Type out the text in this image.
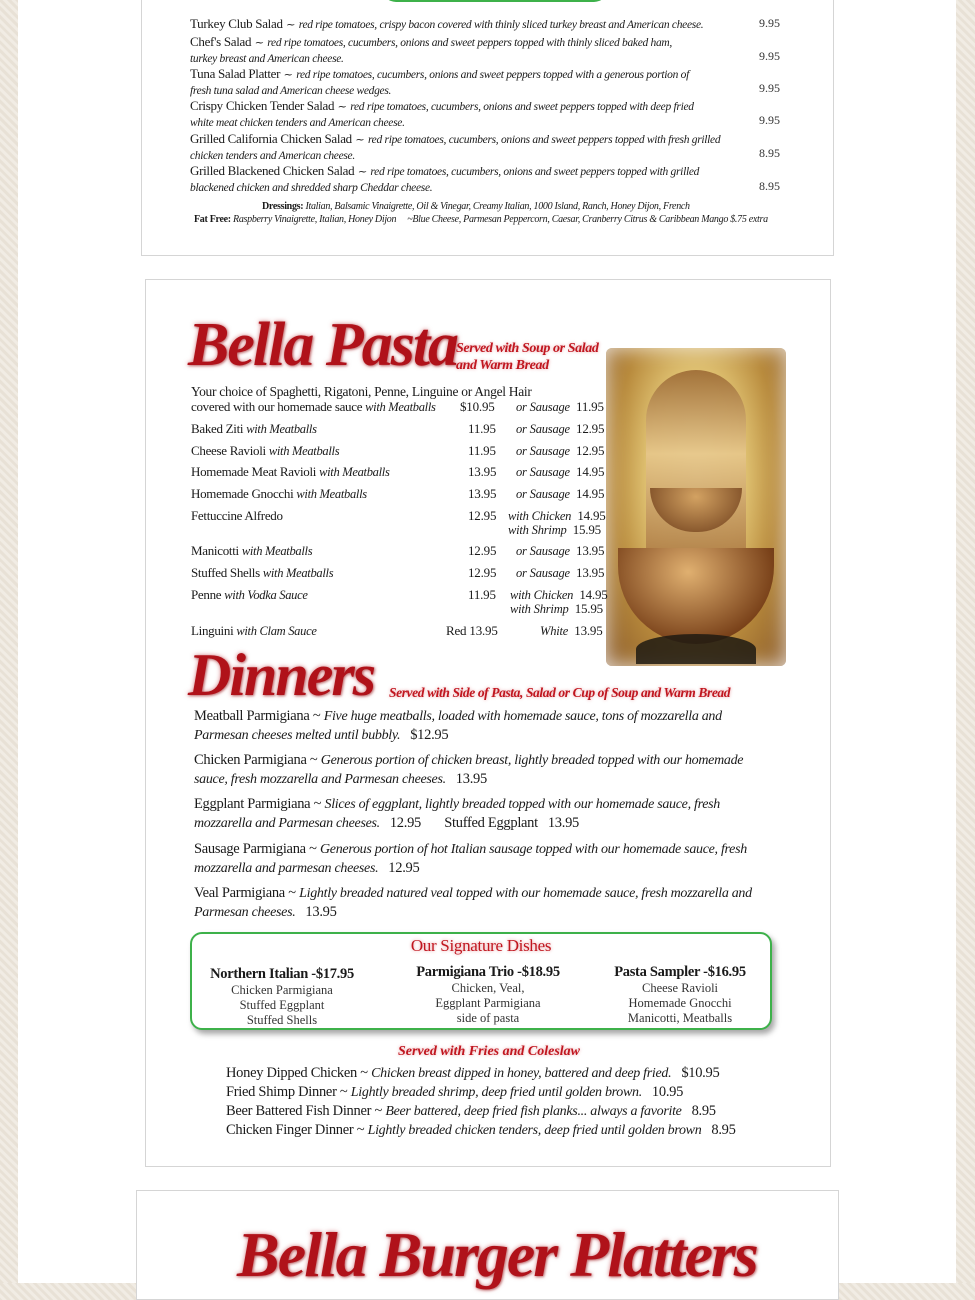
Turkey Club Salad ~ red ripe tomatoes, crispy bacon covered with thinly sliced turkey breast and American cheese.	9.95
Chef's Salad ~ red ripe tomatoes, cucumbers, onions and sweet peppers topped with thinly sliced baked ham,
turkey breast and American cheese.	9.95
Tuna Salad Platter ~ red ripe tomatoes, cucumbers, onions and sweet peppers topped with a generous portion of
fresh tuna salad and American cheese wedges.	9.95
Crispy Chicken Tender Salad ~ red ripe tomatoes, cucumbers, onions and sweet peppers topped with deep fried
white meat chicken tenders and American cheese.	9.95
Grilled California Chicken Salad ~ red ripe tomatoes, cucumbers, onions and sweet peppers topped with fresh grilled
chicken tenders and American cheese.	8.95
Grilled Blackened Chicken Salad ~ red ripe tomatoes, cucumbers, onions and sweet peppers topped with grilled
blackened chicken and shredded sharp Cheddar cheese.	8.95
Dressings: Italian, Balsamic Vinaigrette, Oil & Vinegar, Creamy Italian, 1000 Island, Ranch, Honey Dijon, French
Fat Free: Raspberry Vinaigrette, Italian, Honey Dijon ~Blue Cheese, Parmesan Peppercorn, Caesar, Cranberry Citrus & Caribbean Mango $.75 extra
Bella Pasta
Served with Soup or Salad
and Warm Bread
Your choice of Spaghetti, Rigatoni, Penne, Linguine or Angel Hair
covered with our homemade sauce with Meatballs $10.95 or Sausage 11.95
Baked Ziti with Meatballs	11.95 or Sausage 12.95
Cheese Ravioli with Meatballs	11.95 or Sausage 12.95
Homemade Meat Ravioli with Meatballs	13.95 or Sausage 14.95
Homemade Gnocchi with Meatballs	13.95 or Sausage 14.95
Fettuccine Alfredo	12.95 with Chicken 14.95
with Shrimp 15.95
Manicotti with Meatballs	12.95 or Sausage 13.95
Stuffed Shells with Meatballs	12.95 or Sausage 13.95
Penne with Vodka Sauce	11.95 with Chicken 14.95
with Shrimp 15.95
Linguini with Clam Sauce	Red 13.95	White 13.95
Dinners Served with Side of Pasta, Salad or Cup of Soup and Warm Bread
Meatball Parmigiana ~ Five huge meatballs, loaded with homemade sauce, tons of mozzarella and
Parmesan cheeses melted until bubbly. $12.95
Chicken Parmigiana ~ Generous portion of chicken breast, lightly breaded topped with our homemade
sauce, fresh mozzarella and Parmesan cheeses. 13.95
Eggplant Parmigiana ~ Slices of eggplant, lightly breaded topped with our homemade sauce, fresh
mozzarella and Parmesan cheeses. 12.95 Stuffed Eggplant 13.95
Sausage Parmigiana ~ Generous portion of hot Italian sausage topped with our homemade sauce, fresh
mozzarella and parmesan cheeses. 12.95
Veal Parmigiana ~ Lightly breaded natured veal topped with our homemade sauce, fresh mozzarella and
Parmesan cheeses. 13.95
Our Signature Dishes
Northern Italian -$17.95
Chicken Parmigiana
Stuffed Eggplant
Stuffed Shells
Parmigiana Trio -$18.95
Chicken, Veal,
Eggplant Parmigiana
side of pasta
Pasta Sampler -$16.95
Cheese Ravioli
Homemade Gnocchi
Manicotti, Meatballs
Served with Fries and Coleslaw
Honey Dipped Chicken ~ Chicken breast dipped in honey, battered and deep fried. $10.95
Fried Shimp Dinner ~ Lightly breaded shrimp, deep fried until golden brown. 10.95
Beer Battered Fish Dinner ~ Beer battered, deep fried fish planks... always a favorite 8.95
Chicken Finger Dinner ~ Lightly breaded chicken tenders, deep fried until golden brown 8.95
Bella Burger Platters
